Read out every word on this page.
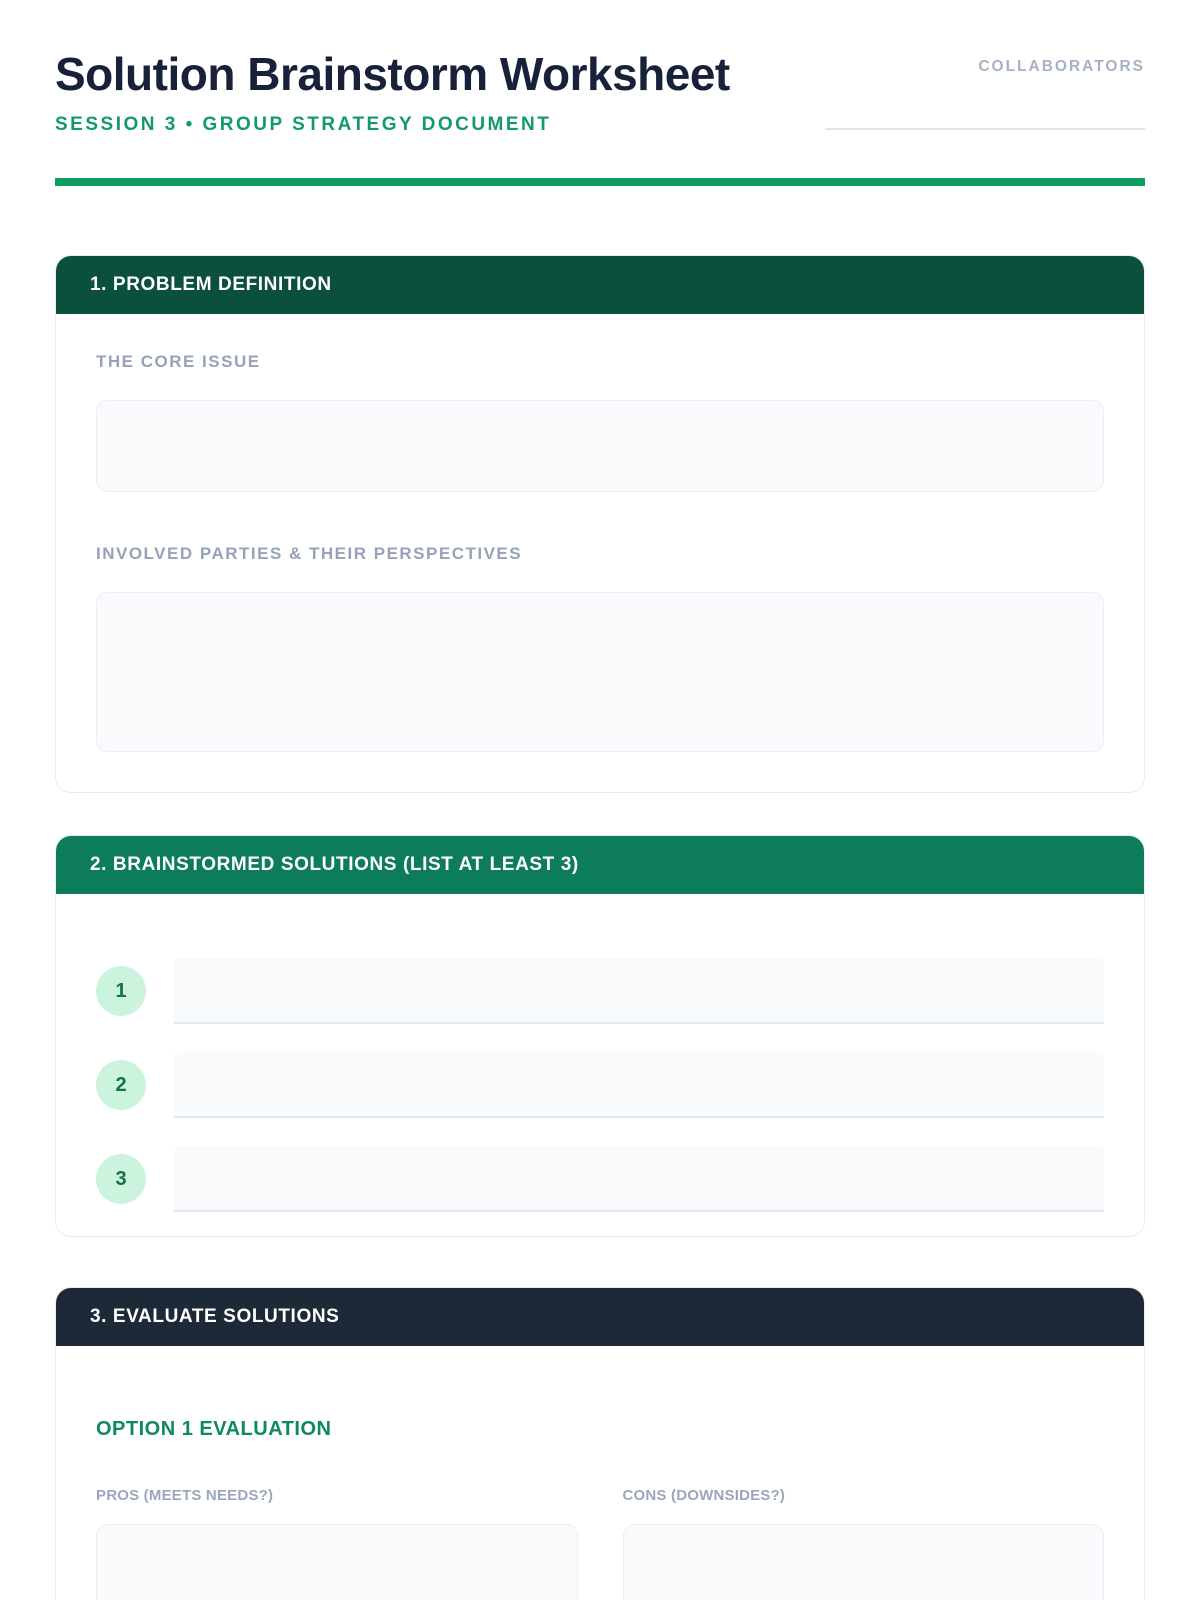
Solution Brainstorm Worksheet
SESSION 3 • GROUP STRATEGY DOCUMENT
COLLABORATORS
1. PROBLEM DEFINITION
THE CORE ISSUE
INVOLVED PARTIES & THEIR PERSPECTIVES
2. BRAINSTORMED SOLUTIONS (LIST AT LEAST 3)
1
2
3
3. EVALUATE SOLUTIONS
OPTION 1 EVALUATION
PROS (MEETS NEEDS?)	CONS (DOWNSIDES?)
